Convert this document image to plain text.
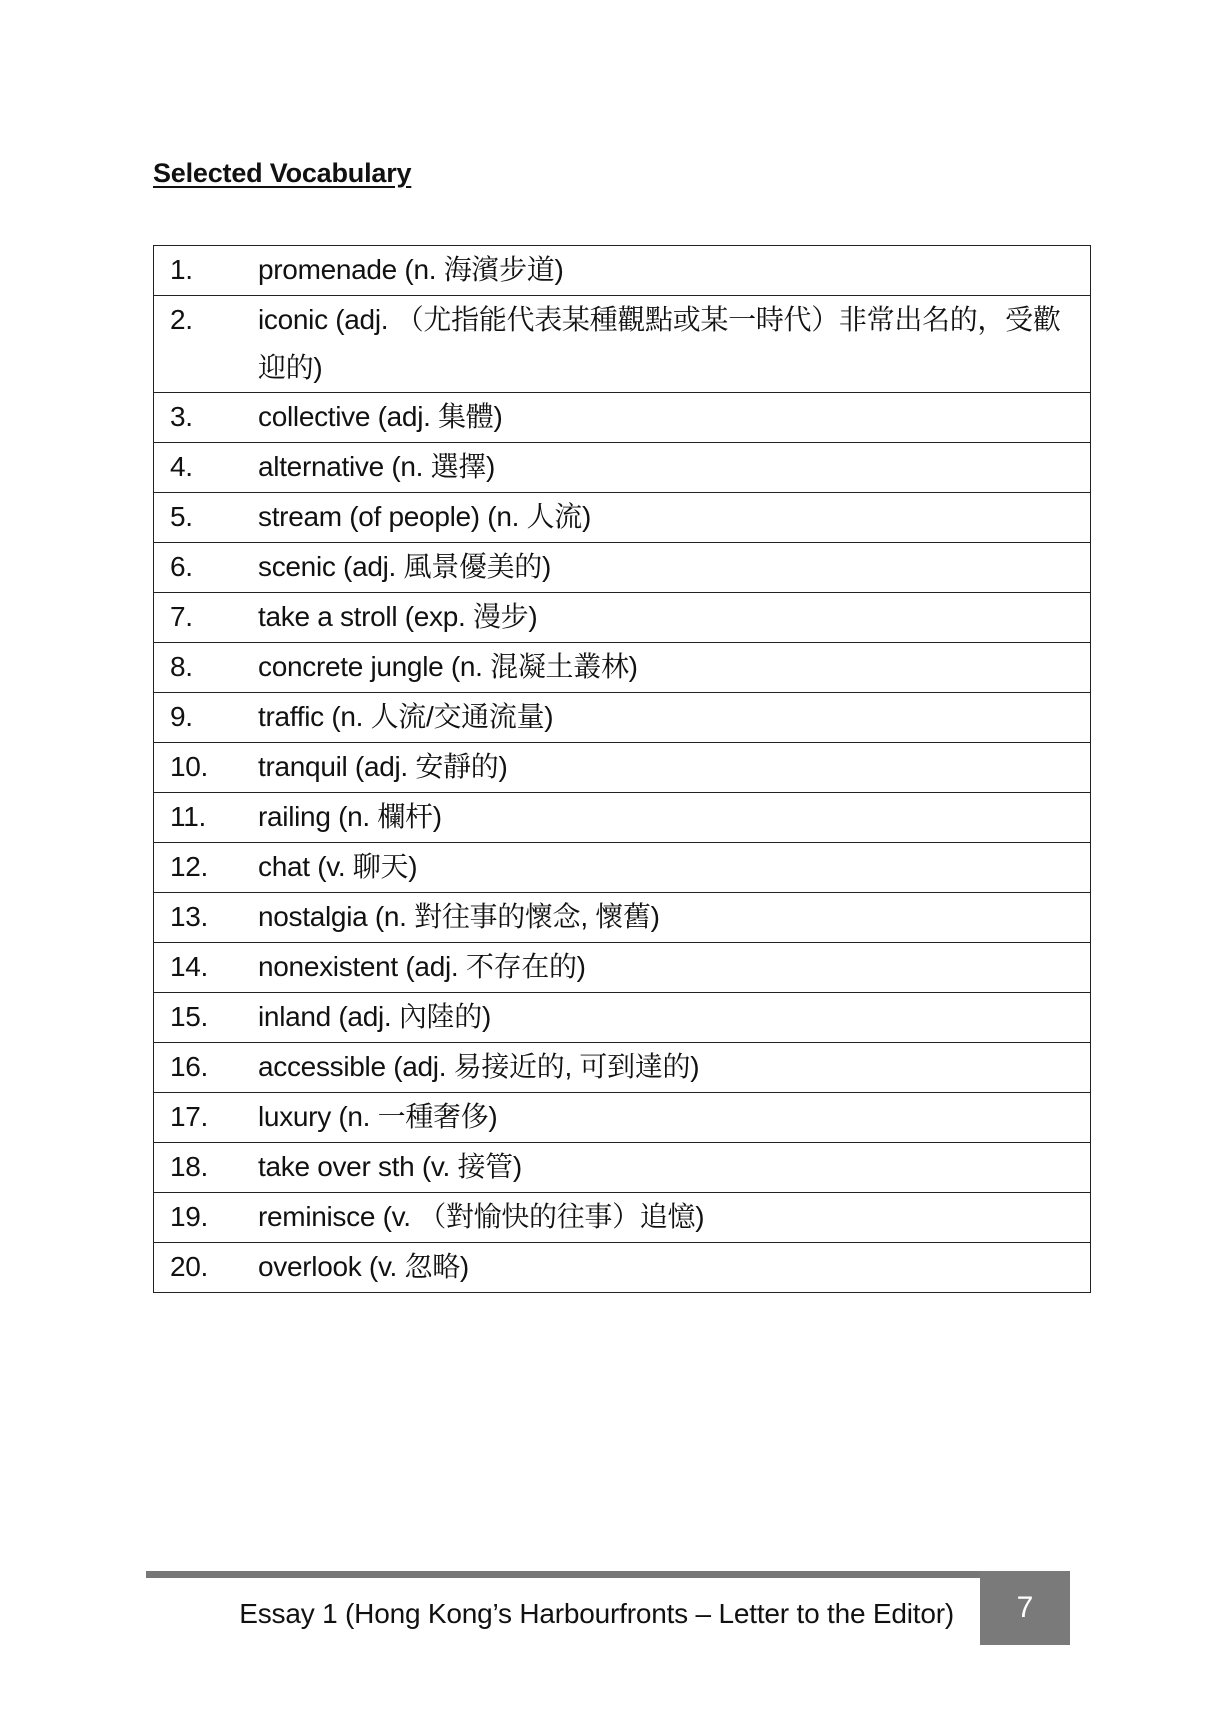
Selected Vocabulary
1.	promenade (n. 海濱步道)
2.	iconic (adj. （尤指能代表某種觀點或某一時代）非常出名的，受歡迎的)
3.	collective (adj. 集體)
4.	alternative (n. 選擇)
5.	stream (of people) (n. 人流)
6.	scenic (adj. 風景優美的)
7.	take a stroll (exp. 漫步)
8.	concrete jungle (n. 混凝土叢林)
9.	traffic (n. 人流/交通流量)
10.	tranquil (adj. 安靜的)
11.	railing (n. 欄杆)
12.	chat (v. 聊天)
13.	nostalgia (n. 對往事的懷念, 懷舊)
14.	nonexistent (adj. 不存在的)
15.	inland (adj. 內陸的)
16.	accessible (adj. 易接近的, 可到達的)
17.	luxury (n. 一種奢侈)
18.	take over sth (v. 接管)
19.	reminisce (v. （對愉快的往事）追憶)
20.	overlook (v. 忽略)
Essay 1 (Hong Kong’s Harbourfronts – Letter to the Editor) 7
